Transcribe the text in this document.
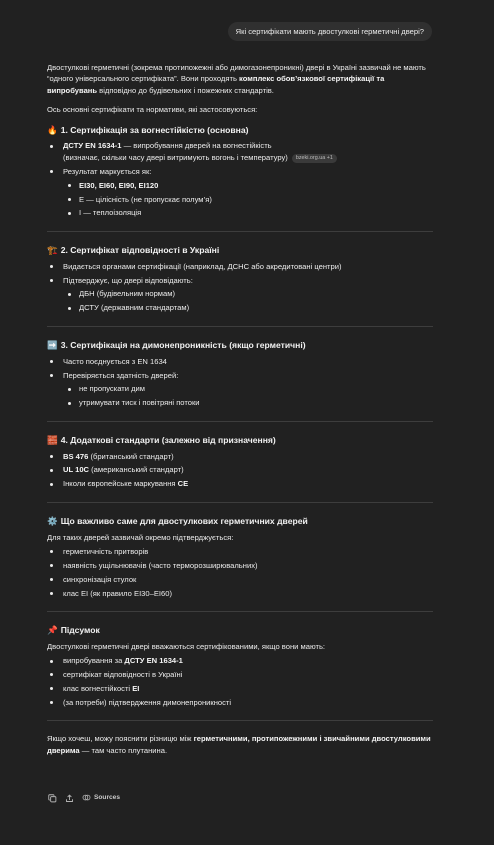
Які сертифікати мають двостулкові герметичні двері?

Двостулкові герметичні (зокрема протипожежні або димогазонепроникні) двері в Україні зазвичай не мають “одного універсального сертифіката”. Вони проходять комплекс обов’язкової сертифікації та випробувань відповідно до будівельних і пожежних стандартів.

Ось основні сертифікати та нормативи, які застосовуються:

🔥 1. Сертифікація за вогнестійкістю (основна)
ДСТУ EN 1634-1 — випробування дверей на вогнестійкість
(визначає, скільки часу двері витримують вогонь і температуру) bzeki.org.ua +1
Результат маркується як:
EI30, EI60, EI90, EI120
E — цілісність (не пропускає полум’я)
I — теплоізоляція
🏗️ 2. Сертифікат відповідності в Україні
Видається органами сертифікації (наприклад, ДСНС або акредитовані центри)
Підтверджує, що двері відповідають:
ДБН (будівельним нормам)
ДСТУ (державним стандартам)
➡️ 3. Сертифікація на димонепроникність (якщо герметичні)
Часто поєднується з EN 1634
Перевіряється здатність дверей:
не пропускати дим
утримувати тиск і повітряні потоки
🧱 4. Додаткові стандарти (залежно від призначення)
BS 476 (британський стандарт)
UL 10C (американський стандарт)
Інколи європейське маркування CE
⚙️ Що важливо саме для двостулкових герметичних дверей

Для таких дверей зазвичай окремо підтверджується:

герметичність притворів
наявність ущільнювачів (часто терморозширювальних)
синхронізація стулок
клас EI (як правило EI30–EI60)
📌 Підсумок

Двостулкові герметичні двері вважаються сертифікованими, якщо вони мають:

випробування за ДСТУ EN 1634-1
сертифікат відповідності в Україні
клас вогнестійкості EI
(за потреби) підтвердження димонепроникності

Якщо хочеш, можу пояснити різницю між герметичними, протипожежними і звичайними двостулковими дверима — там часто плутанина.

Sources
